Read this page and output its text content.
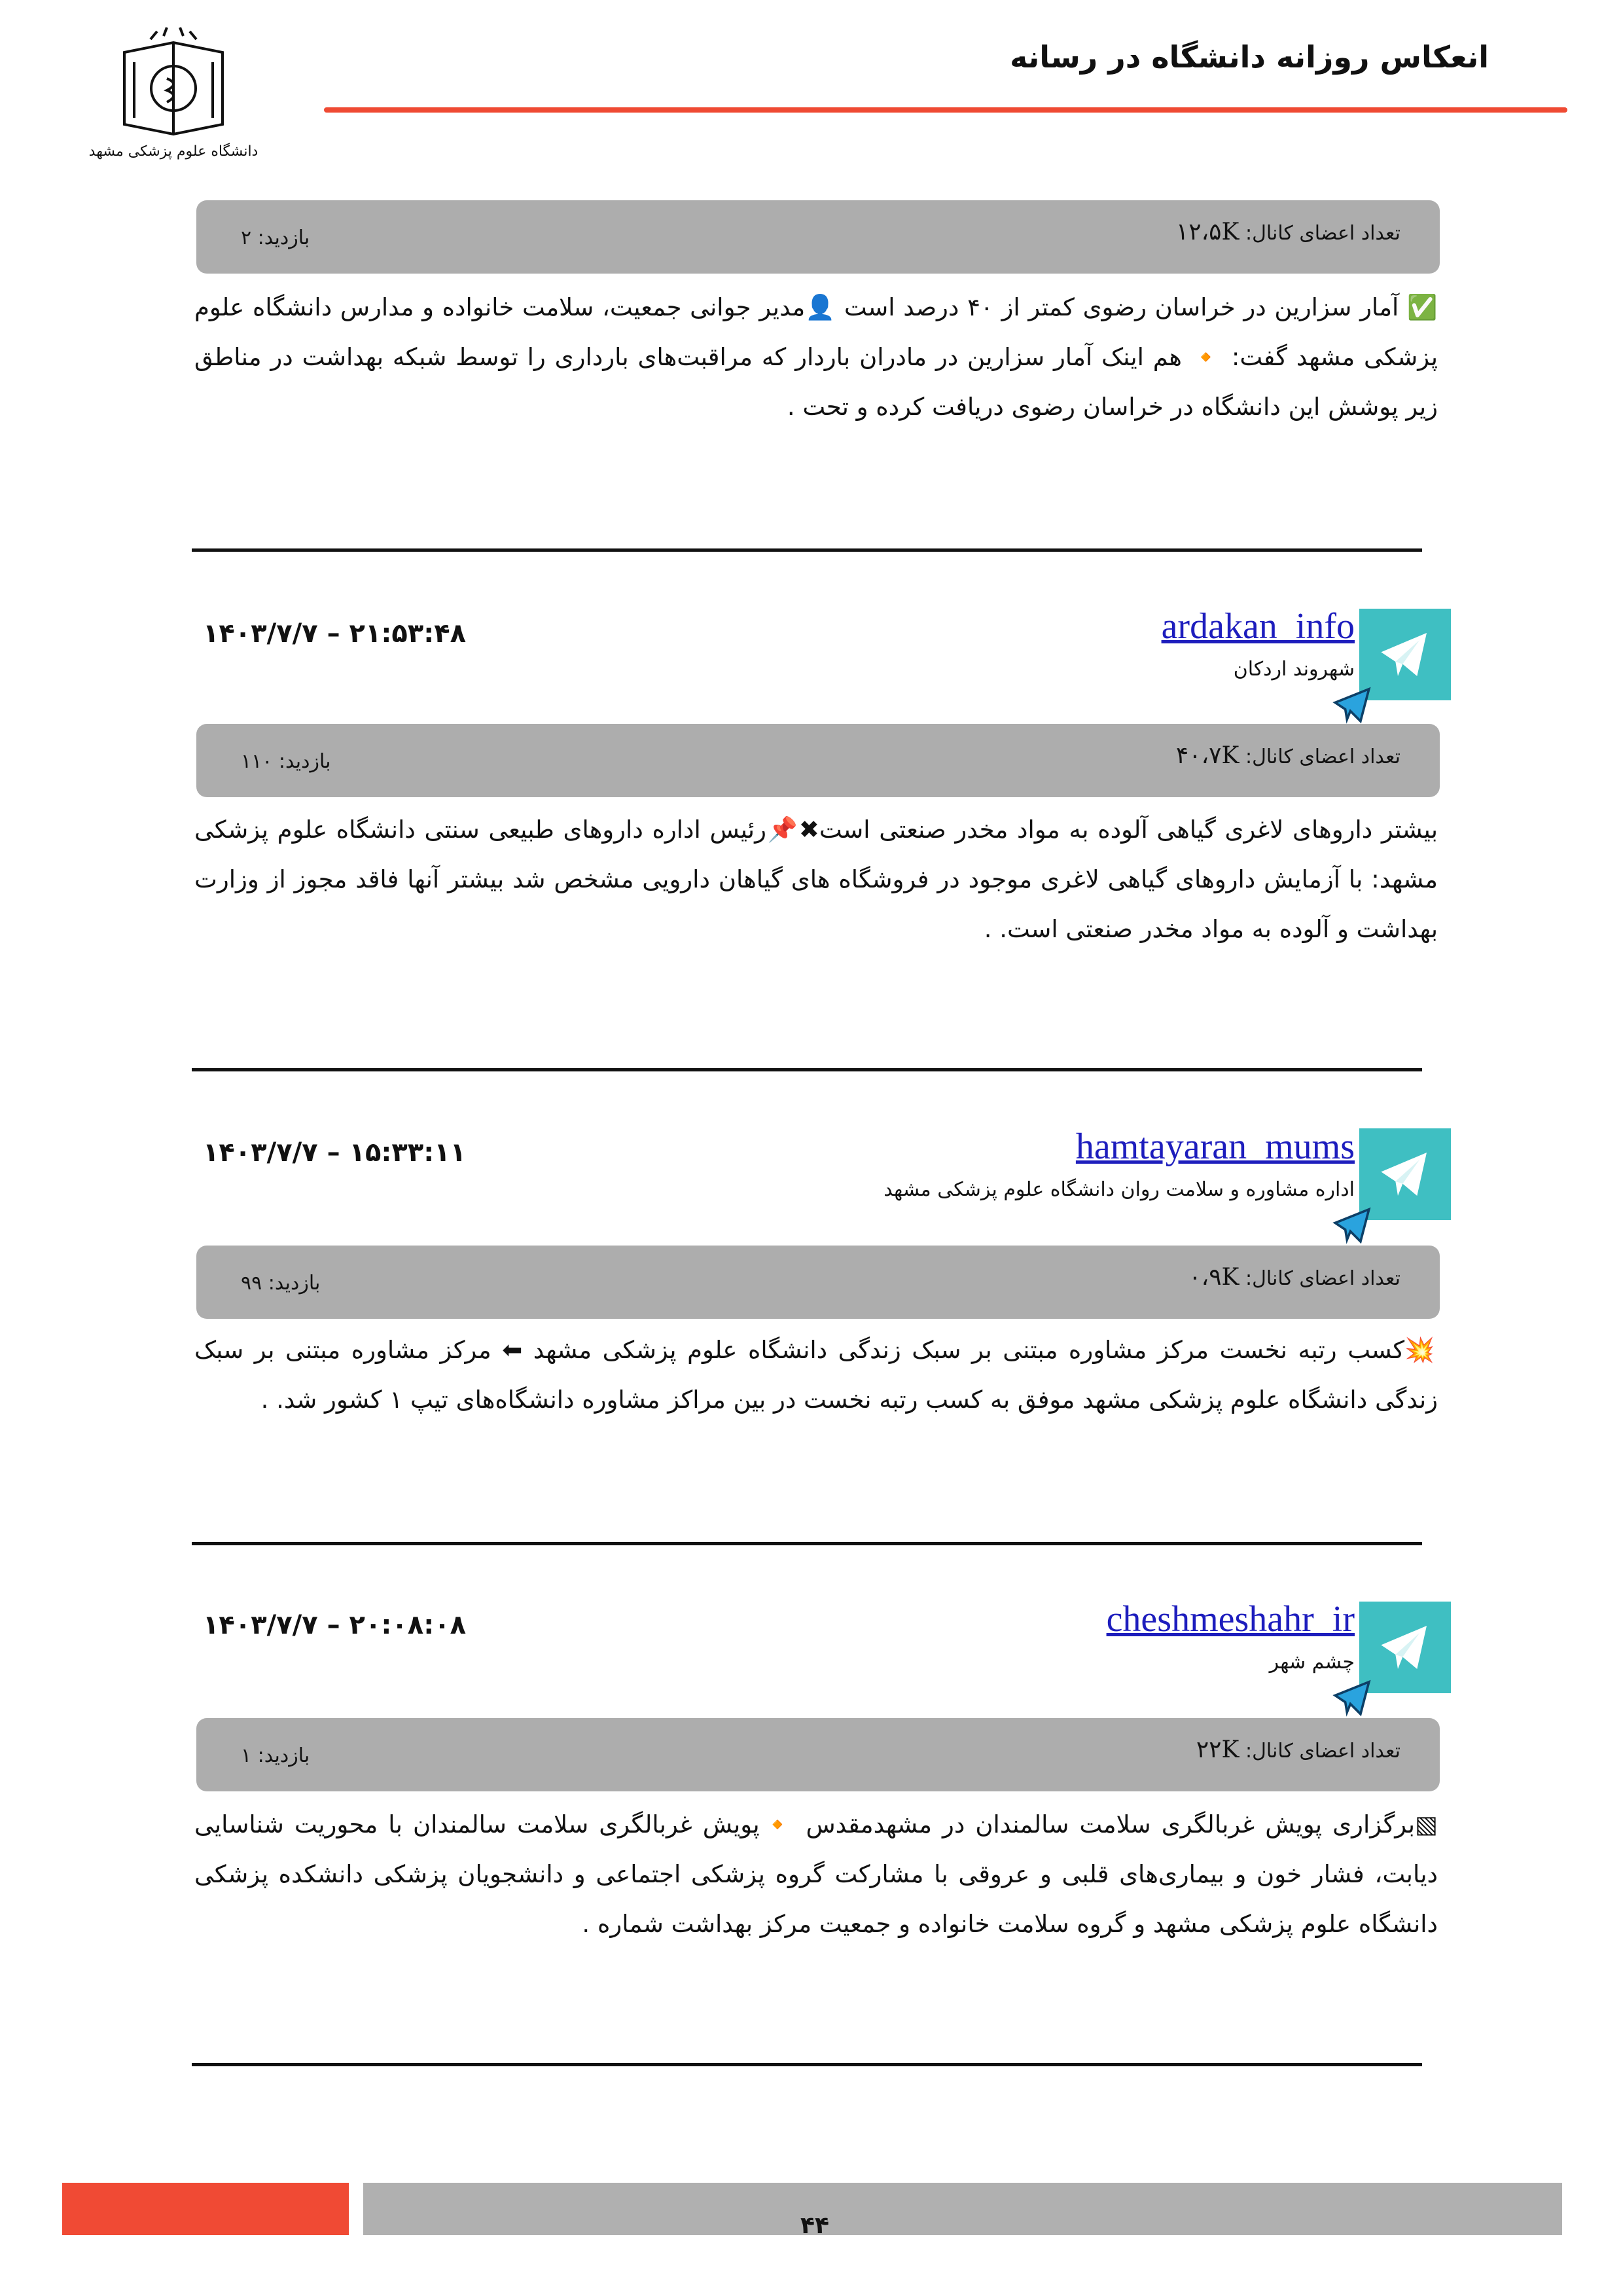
انعکاس روزانه دانشگاه در رسانه
دانشگاه علوم پزشکی مشهد
تعداد اعضای کانال: ۱۲،۵K
بازدید: ۲
✅ آمار سزارین در خراسان رضوی کمتر از ۴۰ درصد است 👤مدیر جوانی جمعیت، سلامت خانواده و مدارس دانشگاه علوم پزشکی مشهد گفت: 🔸 هم اینک آمار سزارین در مادران باردار که مراقبت‌های بارداری را توسط شبکه بهداشت در مناطق زیر پوشش این دانشگاه در خراسان رضوی دریافت کرده و تحت .
ardakan_info
شهروند اردکان
۱۴۰۳/۷/۷ – ۲۱:۵۳:۴۸
تعداد اعضای کانال: ۴۰،۷K
بازدید: ۱۱۰
بیشتر داروهای لاغری گیاهی آلوده به مواد مخدر صنعتی است✖📌رئیس اداره داروهای طبیعی سنتی دانشگاه علوم پزشکی مشهد: با آزمایش داروهای گیاهی لاغری موجود در فروشگاه های گیاهان دارویی مشخص شد بیشتر آنها فاقد مجوز از وزارت بهداشت و آلوده به مواد مخدر صنعتی است. .
hamtayaran_mums
اداره مشاوره و سلامت روان دانشگاه علوم پزشکی مشهد
۱۴۰۳/۷/۷ – ۱۵:۳۳:۱۱
تعداد اعضای کانال: ۰،۹K
بازدید: ۹۹
💥کسب رتبه نخست مرکز مشاوره مبتنی بر سبک زندگی دانشگاه علوم پزشکی مشهد ⬅ مرکز مشاوره مبتنی بر سبک زندگی دانشگاه علوم پزشکی مشهد موفق به کسب رتبه نخست در بین مراکز مشاوره دانشگاه‌های تیپ ۱ کشور شد. .
cheshmeshahr_ir
چشم شهر
۱۴۰۳/۷/۷ – ۲۰:۰۸:۰۸
تعداد اعضای کانال: ۲۲K
بازدید: ۱
▧برگزاری پویش غربالگری سلامت سالمندان در مشهدمقدس 🔸پویش غربالگری سلامت سالمندان با محوریت شناسایی دیابت، فشار خون و بیماری‌های قلبی و عروقی با مشارکت گروه پزشکی اجتماعی و دانشجویان پزشکی دانشکده پزشکی دانشگاه علوم پزشکی مشهد و گروه سلامت خانواده و جمعیت مرکز بهداشت شماره .
۴۴
